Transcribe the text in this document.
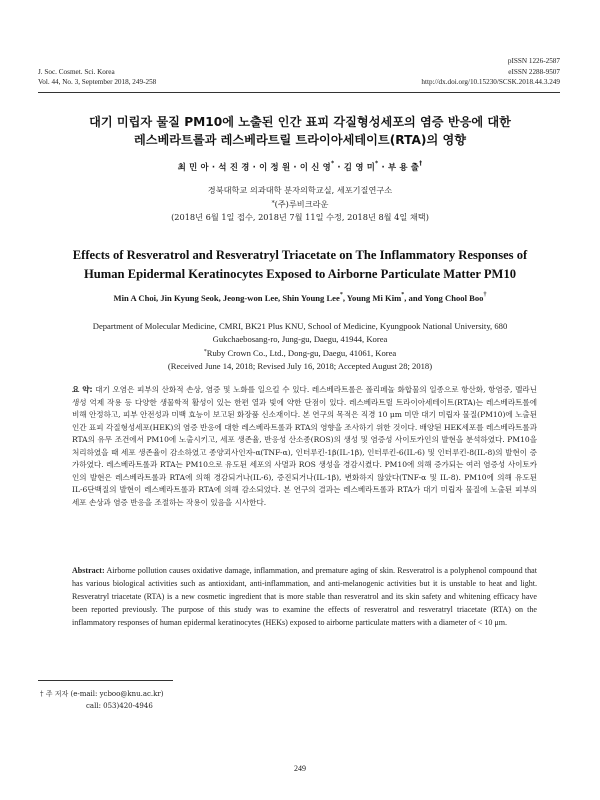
J. Soc. Cosmet. Sci. Korea
Vol. 44, No. 3, September 2018, 249-258
pISSN 1226-2587
eISSN 2288-9507
http://dx.doi.org/10.15230/SCSK.2018.44.3.249
대기 미립자 물질 PM10에 노출된 인간 표피 각질형성세포의 염증 반응에 대한
레스베라트롤과 레스베라트릴 트라이아세테이트(RTA)의 영향
최 민 아 · 석 진 경 · 이 정 원 · 이 신 영* · 김 영 미* · 부 용 출†
경북대학교 의과대학 분자의학교실, 세포기질연구소
*(주)루비크라운
(2018년 6월 1일 접수, 2018년 7월 11일 수정, 2018년 8월 4일 채택)
Effects of Resveratrol and Resveratryl Triacetate on The Inflammatory Responses of
Human Epidermal Keratinocytes Exposed to Airborne Particulate Matter PM10
Min A Choi, Jin Kyung Seok, Jeong-won Lee, Shin Young Lee*, Young Mi Kim*, and Yong Chool Boo†
Department of Molecular Medicine, CMRI, BK21 Plus KNU, School of Medicine, Kyungpook National University, 680
Gukchaebosang-ro, Jung-gu, Daegu, 41944, Korea
*Ruby Crown Co., Ltd., Dong-gu, Daegu, 41061, Korea
(Received June 14, 2018; Revised July 16, 2018; Accepted August 28; 2018)
요 약: 대기 오염은 피부의 산화적 손상, 염증 및 노화를 일으킬 수 있다. 레스베라트롤은 폴리페놀 화합물의 일종으로 항산화, 항염증, 멜라닌 생성 억제 작용 등 다양한 생물학적 활성이 있는 한편 열과 빛에 약한 단점이 있다. 레스베라트릴 트라이아세테이트(RTA)는 레스베라트롤에 비해 안정하고, 피부 안전성과 미백 효능이 보고된 화장품 신소재이다. 본 연구의 목적은 직경 10 μm 미만 대기 미립자 물질(PM10)에 노출된 인간 표피 각질형성세포(HEK)의 염증 반응에 대한 레스베라트롤과 RTA의 영향을 조사하기 위한 것이다. 배양된 HEK세포를 레스베라트롤과 RTA의 유무 조건에서 PM10에 노출시키고, 세포 생존율, 반응성 산소종(ROS)의 생성 및 염증성 사이토카인의 발현을 분석하였다. PM10을 처리하였을 때 세포 생존율이 감소하였고 종양괴사인자-α(TNF-α), 인터루킨-1β(IL-1β), 인터루킨-6(IL-6) 및 인터루킨-8(IL-8)의 발현이 증가하였다. 레스베라트롤과 RTA는 PM10으로 유도된 세포의 사멸과 ROS 생성을 경감시켰다. PM10에 의해 증가되는 여러 염증성 사이토카인의 발현은 레스베라트롤과 RTA에 의해 경감되거나(IL-6), 증진되거나(IL-1β), 변화하지 않았다(TNF-α 및 IL-8). PM10에 의해 유도된 IL-6단백질의 발현이 레스베라트롤과 RTA에 의해 감소되었다. 본 연구의 결과는 레스베라트롤과 RTA가 대기 미립자 물질에 노출된 피부의 세포 손상과 염증 반응을 조절하는 작용이 있음을 시사한다.
Abstract: Airborne pollution causes oxidative damage, inflammation, and premature aging of skin. Resveratrol is a polyphenol compound that has various biological activities such as antioxidant, anti-inflammation, and anti-melanogenic activities but it is unstable to heat and light. Resveratryl triacetate (RTA) is a new cosmetic ingredient that is more stable than resveratrol and its skin safety and whitening efficacy have been reported previously. The purpose of this study was to examine the effects of resveratrol and resveratryl triacetate (RTA) on the inflammatory responses of human epidermal keratinocytes (HEKs) exposed to airborne particulate matters with a diameter of < 10 μm.
† 주 저자 (e-mail: ycboo@knu.ac.kr)
call: 053)420-4946
249
